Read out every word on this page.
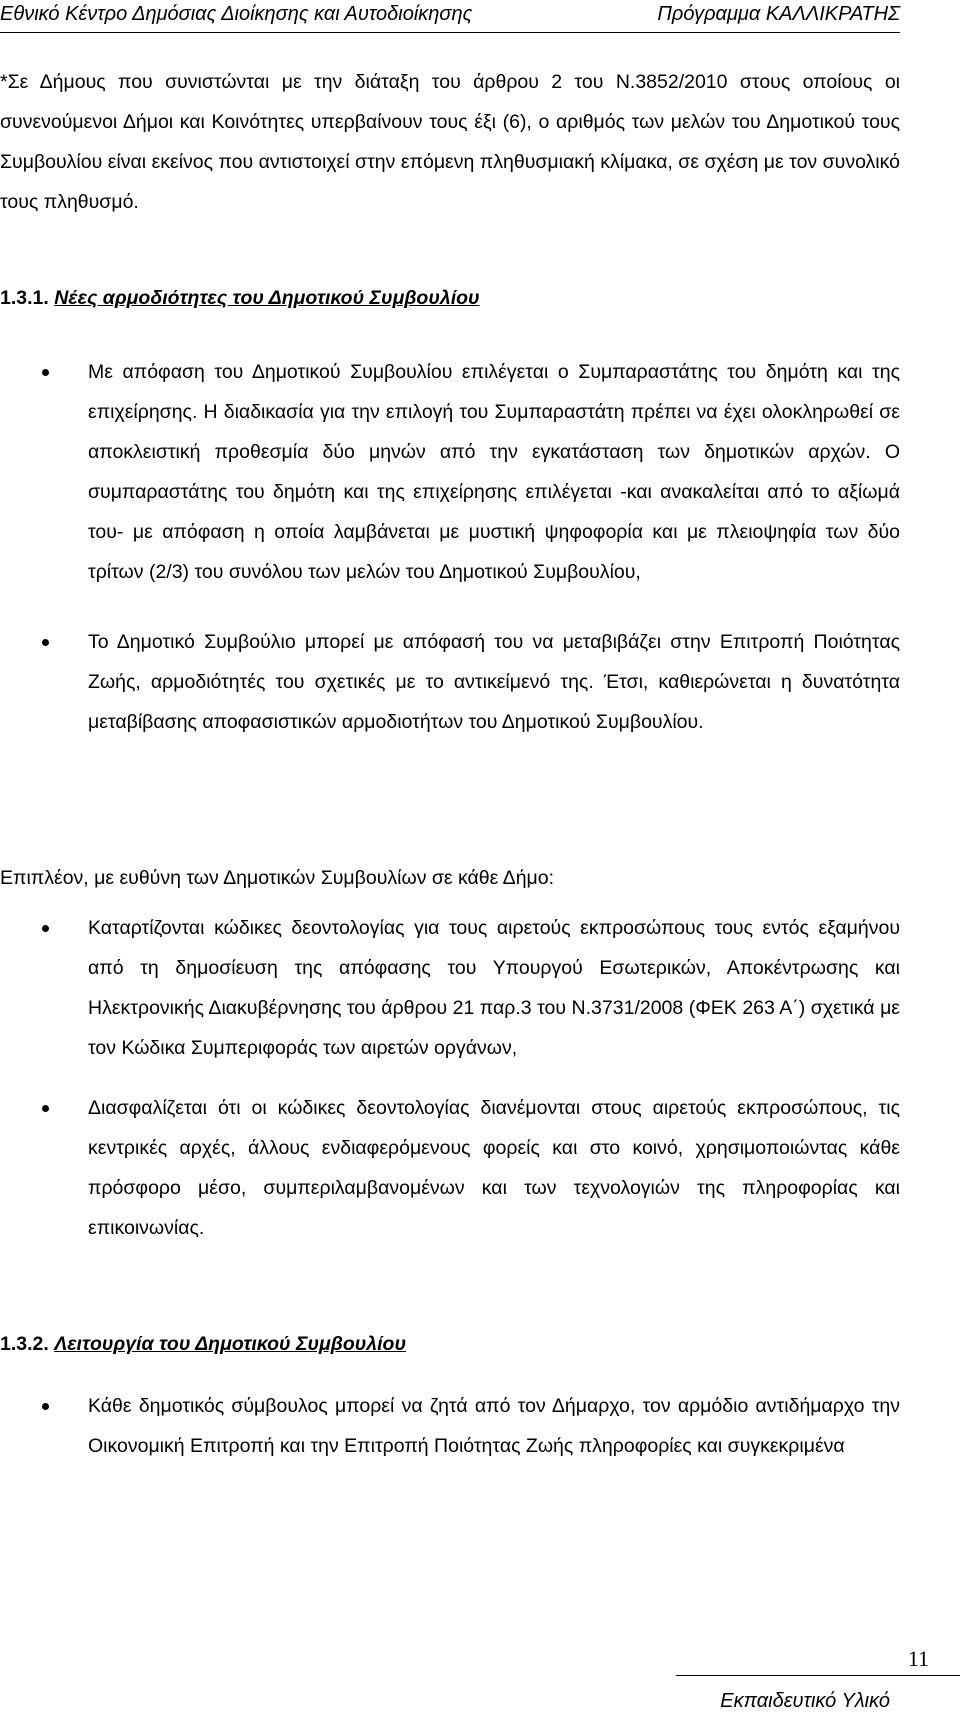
Εθνικό Κέντρο Δημόσιας Διοίκησης και Αυτοδιοίκησης	Πρόγραμμα ΚΑΛΛΙΚΡΑΤΗΣ

*Σε Δήμους που συνιστώνται με την διάταξη του άρθρου 2 του Ν.3852/2010 στους οποίους οι συνενούμενοι Δήμοι και Κοινότητες υπερβαίνουν τους έξι (6), ο αριθμός των μελών του Δημοτικού τους Συμβουλίου είναι εκείνος που αντιστοιχεί στην επόμενη πληθυσμιακή κλίμακα, σε σχέση με τον συνολικό τους πληθυσμό.

1.3.1. Νέες αρμοδιότητες του Δημοτικού Συμβουλίου

Με απόφαση του Δημοτικού Συμβουλίου επιλέγεται ο Συμπαραστάτης του δημότη και της επιχείρησης. Η διαδικασία για την επιλογή του Συμπαραστάτη πρέπει να έχει ολοκληρωθεί σε αποκλειστική προθεσμία δύο μηνών από την εγκατάσταση των δημοτικών αρχών. Ο συμπαραστάτης του δημότη και της επιχείρησης επιλέγεται -και ανακαλείται από το αξίωμά του- με απόφαση η οποία λαμβάνεται με μυστική ψηφοφορία και με πλειοψηφία των δύο τρίτων (2/3) του συνόλου των μελών του Δημοτικού Συμβουλίου,

Το Δημοτικό Συμβούλιο μπορεί με απόφασή του να μεταβιβάζει στην Επιτροπή Ποιότητας Ζωής, αρμοδιότητές του σχετικές με το αντικείμενό της. Έτσι, καθιερώνεται η δυνατότητα μεταβίβασης αποφασιστικών αρμοδιοτήτων του Δημοτικού Συμβουλίου.

Επιπλέον, με ευθύνη των Δημοτικών Συμβουλίων σε κάθε Δήμο:

Καταρτίζονται κώδικες δεοντολογίας για τους αιρετούς εκπροσώπους τους εντός εξαμήνου από τη δημοσίευση της απόφασης του Υπουργού Εσωτερικών, Αποκέντρωσης και Ηλεκτρονικής Διακυβέρνησης του άρθρου 21 παρ.3 του Ν.3731/2008 (ΦΕΚ 263 Α΄) σχετικά με τον Κώδικα Συμπεριφοράς των αιρετών οργάνων,

Διασφαλίζεται ότι οι κώδικες δεοντολογίας διανέμονται στους αιρετούς εκπροσώπους, τις κεντρικές αρχές, άλλους ενδιαφερόμενους φορείς και στο κοινό, χρησιμοποιώντας κάθε πρόσφορο μέσο, συμπεριλαμβανομένων και των τεχνολογιών της πληροφορίας και επικοινωνίας.

1.3.2. Λειτουργία του Δημοτικού Συμβουλίου

Κάθε δημοτικός σύμβουλος μπορεί να ζητά από τον Δήμαρχο, τον αρμόδιο αντιδήμαρχο την Οικονομική Επιτροπή και την Επιτροπή Ποιότητας Ζωής πληροφορίες και συγκεκριμένα

11
Εκπαιδευτικό Υλικό
